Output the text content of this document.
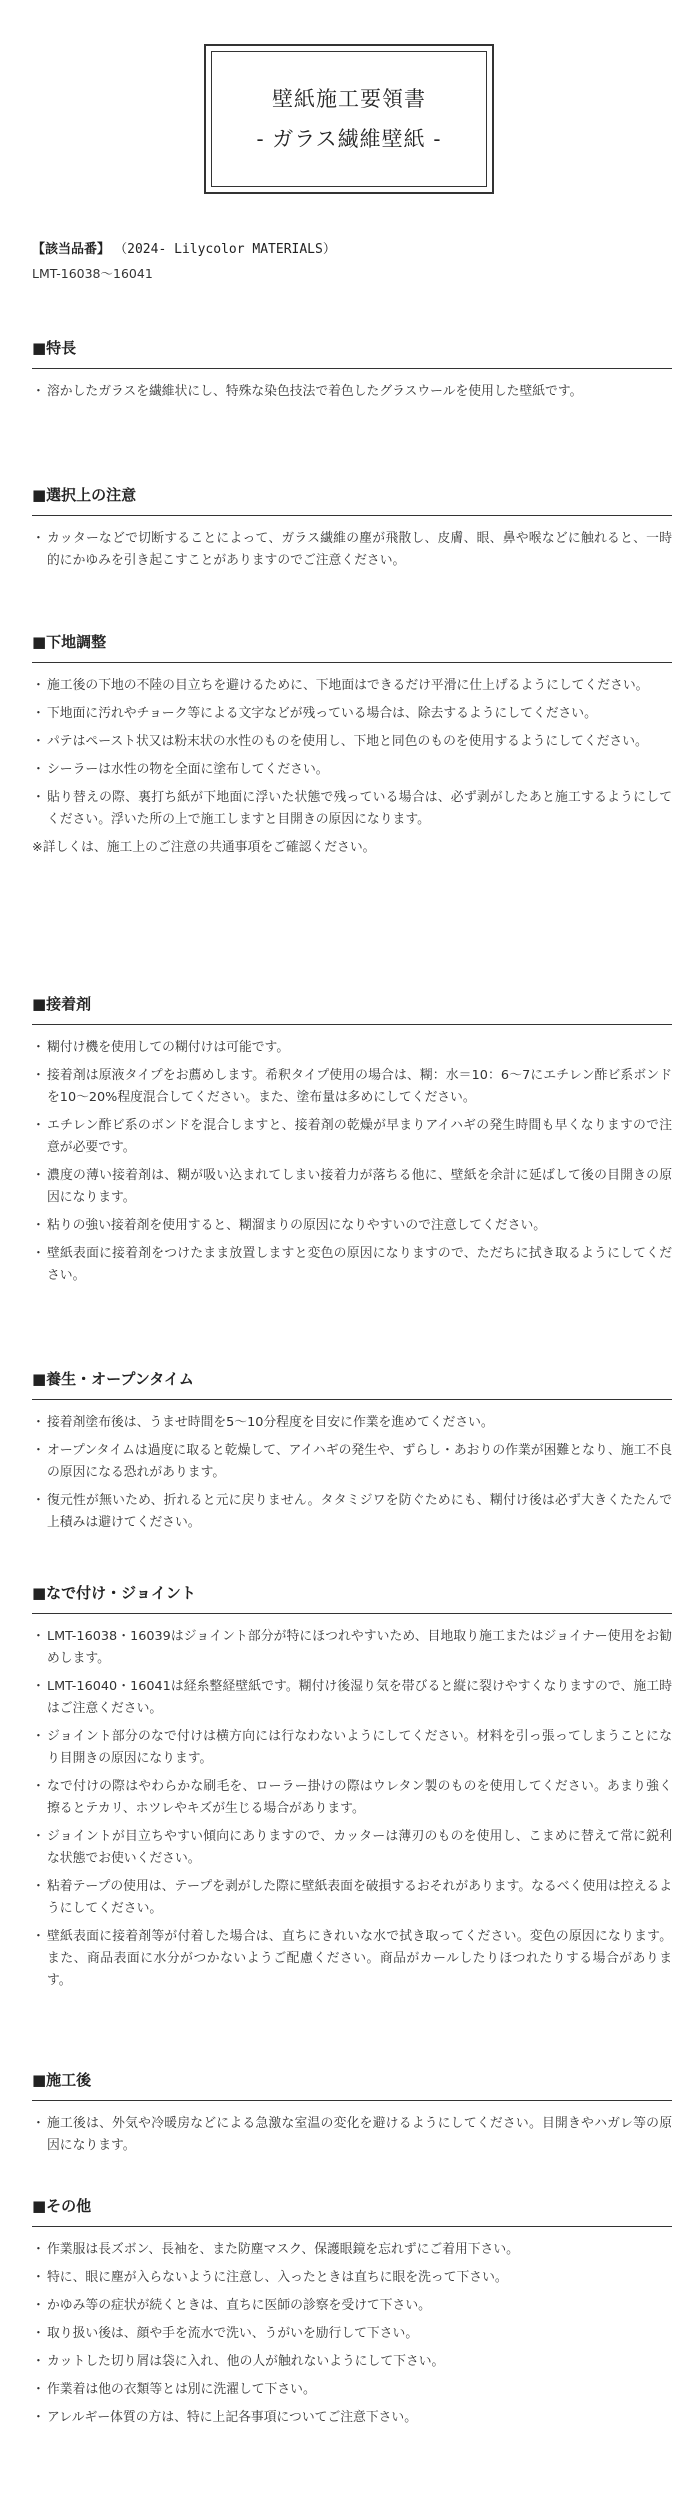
壁紙施工要領書
- ガラス繊維壁紙 -
【該当品番】 （2024- Lilycolor MATERIALS）
LMT-16038～16041
■特長
・ 溶かしたガラスを繊維状にし、特殊な染色技法で着色したグラスウールを使用した壁紙です。
■選択上の注意
・ カッターなどで切断することによって、ガラス繊維の塵が飛散し、皮膚、眼、鼻や喉などに触れると、一時的にかゆみを引き起こすことがありますのでご注意ください。
■下地調整
・ 施工後の下地の不陸の目立ちを避けるために、下地面はできるだけ平滑に仕上げるようにしてください。
・ 下地面に汚れやチョーク等による文字などが残っている場合は、除去するようにしてください。
・ パテはペースト状又は粉末状の水性のものを使用し、下地と同色のものを使用するようにしてください。
・ シーラーは水性の物を全面に塗布してください。
・ 貼り替えの際、裏打ち紙が下地面に浮いた状態で残っている場合は、必ず剥がしたあと施工するようにしてください。浮いた所の上で施工しますと目開きの原因になります。
※詳しくは、施工上のご注意の共通事項をご確認ください。
■接着剤
・ 糊付け機を使用しての糊付けは可能です。
・ 接着剤は原液タイプをお薦めします。希釈タイプ使用の場合は、糊：水＝10：6～7にエチレン酢ビ系ボンドを10～20%程度混合してください。また、塗布量は多めにしてください。
・ エチレン酢ビ系のボンドを混合しますと、接着剤の乾燥が早まりアイハギの発生時間も早くなりますので注意が必要です。
・ 濃度の薄い接着剤は、糊が吸い込まれてしまい接着力が落ちる他に、壁紙を余計に延ばして後の目開きの原因になります。
・ 粘りの強い接着剤を使用すると、糊溜まりの原因になりやすいので注意してください。
・ 壁紙表面に接着剤をつけたまま放置しますと変色の原因になりますので、ただちに拭き取るようにしてください。
■養生・オープンタイム
・ 接着剤塗布後は、うませ時間を5～10分程度を目安に作業を進めてください。
・ オープンタイムは過度に取ると乾燥して、アイハギの発生や、ずらし・あおりの作業が困難となり、施工不良の原因になる恐れがあります。
・ 復元性が無いため、折れると元に戻りません。タタミジワを防ぐためにも、糊付け後は必ず大きくたたんで上積みは避けてください。
■なで付け・ジョイント
・ LMT-16038・16039はジョイント部分が特にほつれやすいため、目地取り施工またはジョイナー使用をお勧めします。
・ LMT-16040・16041は経糸整経壁紙です。糊付け後湿り気を帯びると縦に裂けやすくなりますので、施工時はご注意ください。
・ ジョイント部分のなで付けは横方向には行なわないようにしてください。材料を引っ張ってしまうことになり目開きの原因になります。
・ なで付けの際はやわらかな刷毛を、ローラー掛けの際はウレタン製のものを使用してください。あまり強く擦るとテカリ、ホツレやキズが生じる場合があります。
・ ジョイントが目立ちやすい傾向にありますので、カッターは薄刃のものを使用し、こまめに替えて常に鋭利な状態でお使いください。
・ 粘着テープの使用は、テープを剥がした際に壁紙表面を破損するおそれがあります。なるべく使用は控えるようにしてください。
・ 壁紙表面に接着剤等が付着した場合は、直ちにきれいな水で拭き取ってください。変色の原因になります。また、商品表面に水分がつかないようご配慮ください。商品がカールしたりほつれたりする場合があります。
■施工後
・ 施工後は、外気や冷暖房などによる急激な室温の変化を避けるようにしてください。目開きやハガレ等の原因になります。
■その他
・ 作業服は長ズボン、長袖を、また防塵マスク、保護眼鏡を忘れずにご着用下さい。
・ 特に、眼に塵が入らないように注意し、入ったときは直ちに眼を洗って下さい。
・ かゆみ等の症状が続くときは、直ちに医師の診察を受けて下さい。
・ 取り扱い後は、顔や手を流水で洗い、うがいを励行して下さい。
・ カットした切り屑は袋に入れ、他の人が触れないようにして下さい。
・ 作業着は他の衣類等とは別に洗濯して下さい。
・ アレルギー体質の方は、特に上記各事項についてご注意下さい。
